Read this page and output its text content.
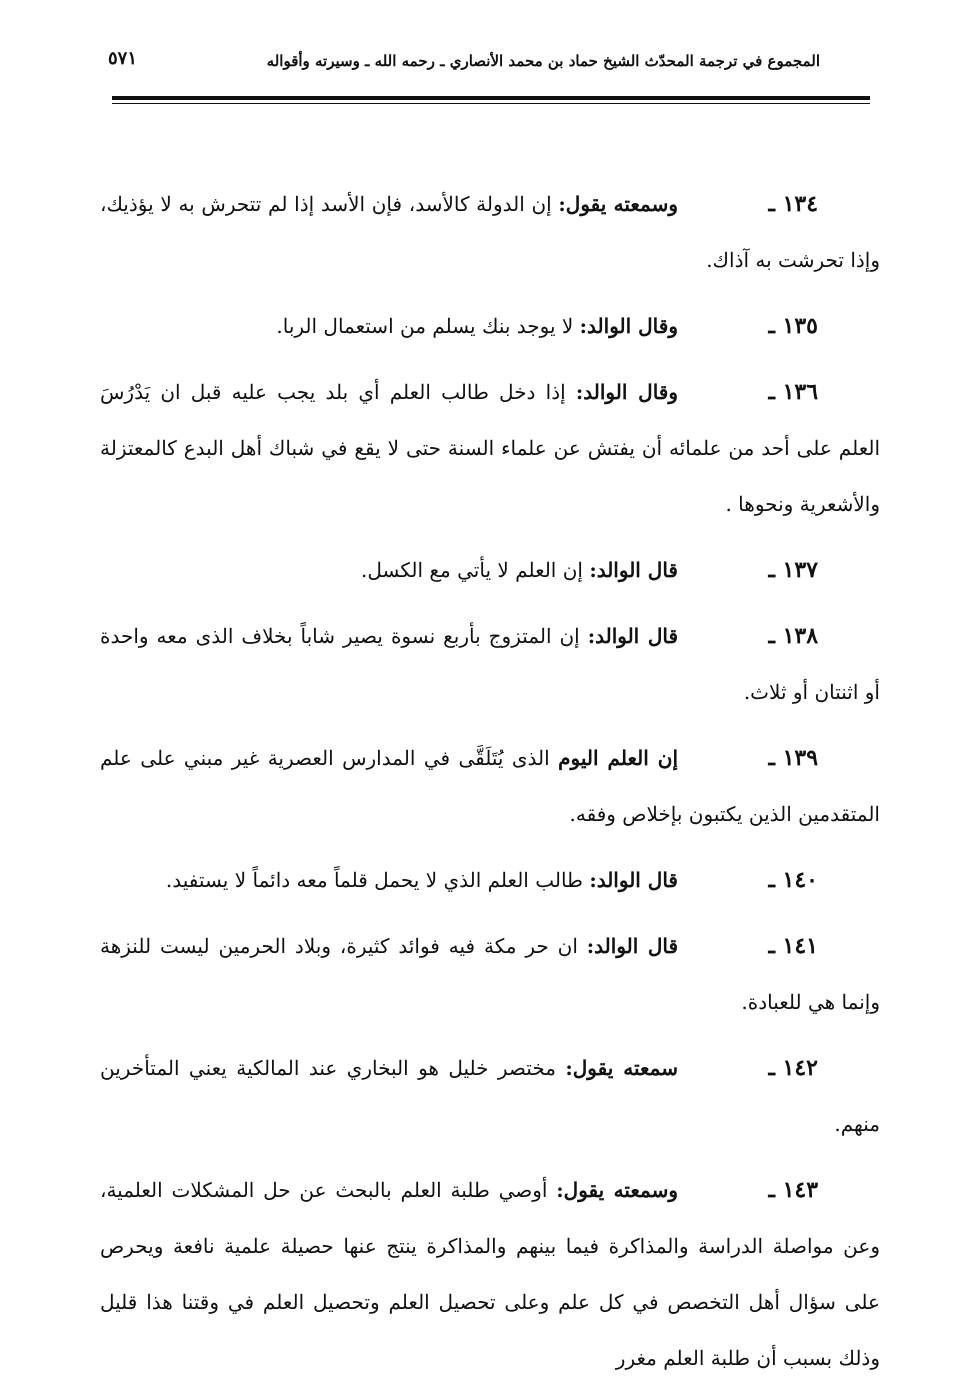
المجموع في ترجمة المحدّث الشيخ حماد بن محمد الأنصاري ـ رحمه الله ـ وسيرته وأقواله
٥٧١

١٣٤ ـوسمعته يقول: إن الدولة كالأسد، فإن الأسد إذا لم تتحرش به لا يؤذيك، وإذا تحرشت به آذاك.

١٣٥ ـوقال الوالد: لا يوجد بنك يسلم من استعمال الربا.

١٣٦ ـوقال الوالد: إذا دخل طالب العلم أي بلد يجب عليه قبل ان يَدْرُسَ العلم على أحد من علمائه أن يفتش عن علماء السنة حتى لا يقع في شباك أهل البدع كالمعتزلة والأشعرية ونحوها .

١٣٧ ـقال الوالد: إن العلم لا يأتي مع الكسل.

١٣٨ ـقال الوالد: إن المتزوج بأربع نسوة يصير شاباً بخلاف الذى معه واحدة أو اثنتان أو ثلاث.

١٣٩ ـإن العلم اليوم الذى يُتَلَقَّى في المدارس العصرية غير مبني على علم المتقدمين الذين يكتبون بإخلاص وفقه.

١٤٠ ـقال الوالد: طالب العلم الذي لا يحمل قلماً معه دائماً لا يستفيد.

١٤١ ـقال الوالد: ان حر مكة فيه فوائد كثيرة، وبلاد الحرمين ليست للنزهة وإنما هي للعبادة.

١٤٢ ـسمعته يقول: مختصر خليل هو البخاري عند المالكية يعني المتأخرين منهم.

١٤٣ ـوسمعته يقول: أوصي طلبة العلم بالبحث عن حل المشكلات العلمية، وعن مواصلة الدراسة والمذاكرة فيما بينهم والمذاكرة ينتج عنها حصيلة علمية نافعة ويحرص على سؤال أهل التخصص في كل علم وعلى تحصيل العلم وتحصيل العلم في وقتنا هذا قليل وذلك بسبب أن طلبة العلم مغرر
